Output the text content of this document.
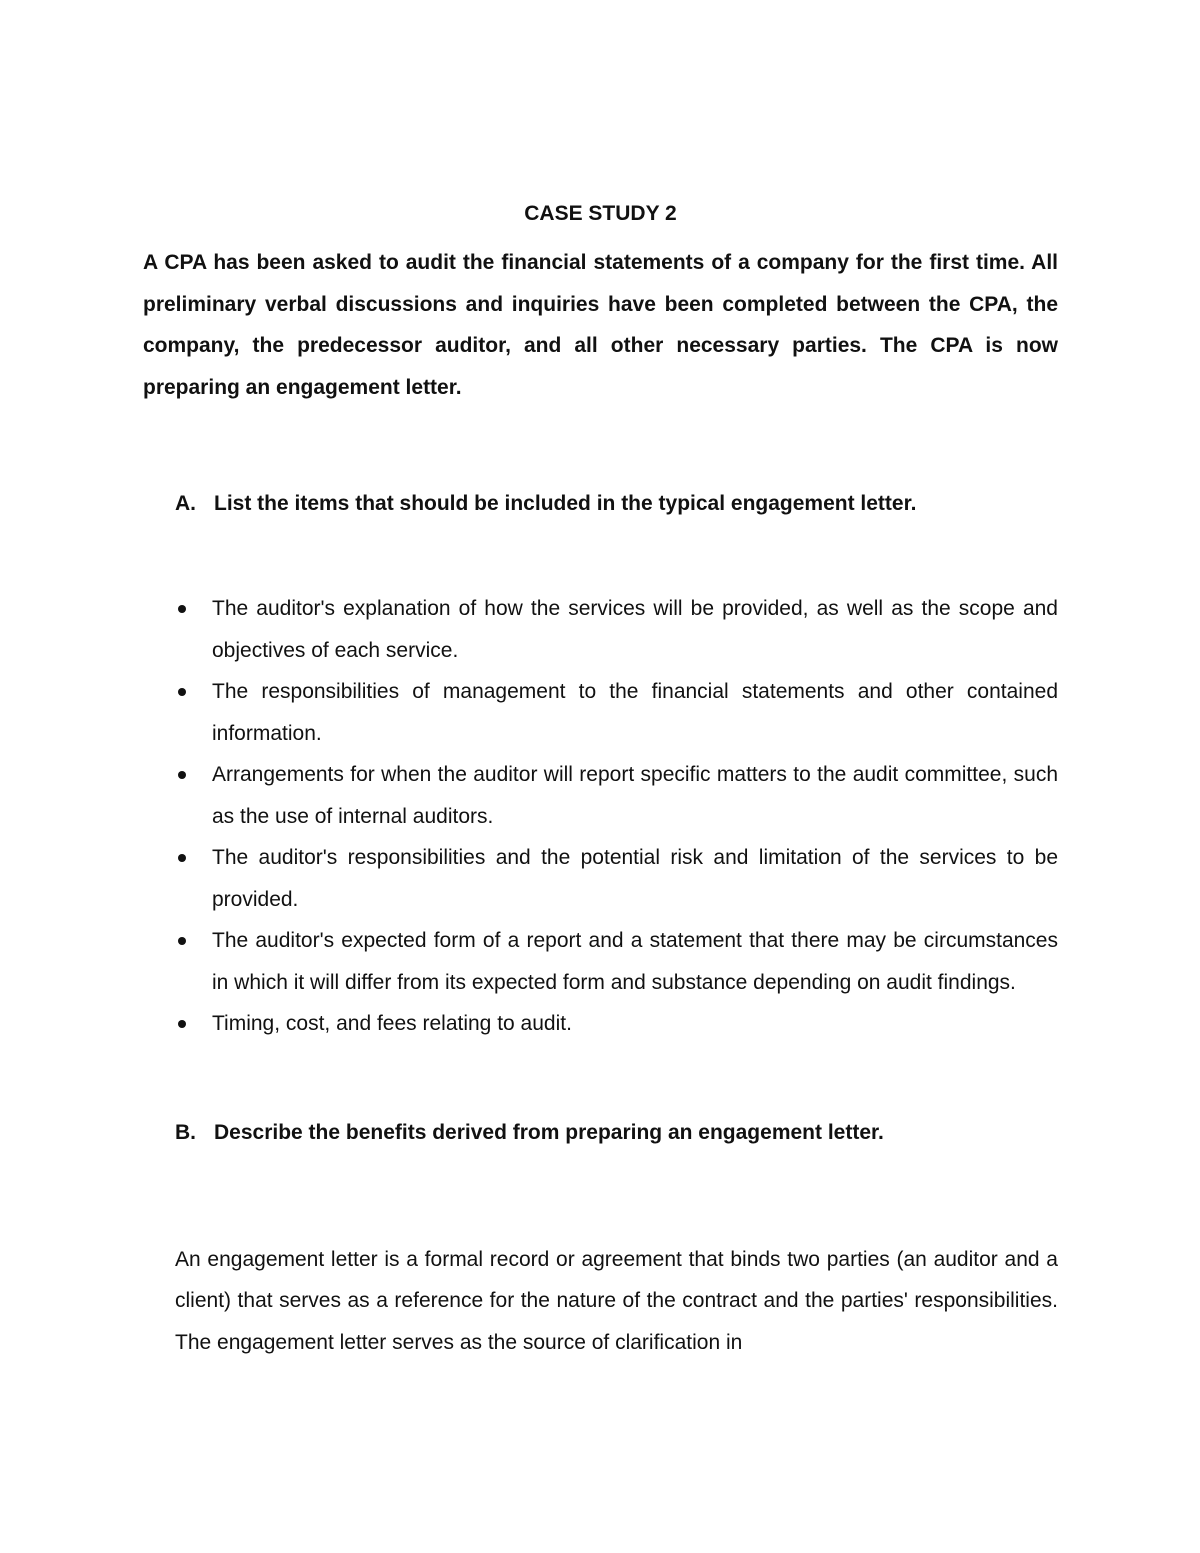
CASE STUDY 2

A CPA has been asked to audit the financial statements of a company for the first time. All preliminary verbal discussions and inquiries have been completed between the CPA, the company, the predecessor auditor, and all other necessary parties. The CPA is now preparing an engagement letter.

A. List the items that should be included in the typical engagement letter.
The auditor's explanation of how the services will be provided, as well as the scope and objectives of each service.
The responsibilities of management to the financial statements and other contained information.
Arrangements for when the auditor will report specific matters to the audit committee, such as the use of internal auditors.
The auditor's responsibilities and the potential risk and limitation of the services to be provided.
The auditor's expected form of a report and a statement that there may be circumstances in which it will differ from its expected form and substance depending on audit findings.
Timing, cost, and fees relating to audit.
B. Describe the benefits derived from preparing an engagement letter.

An engagement letter is a formal record or agreement that binds two parties (an auditor and a client) that serves as a reference for the nature of the contract and the parties' responsibilities. The engagement letter serves as the source of clarification in
